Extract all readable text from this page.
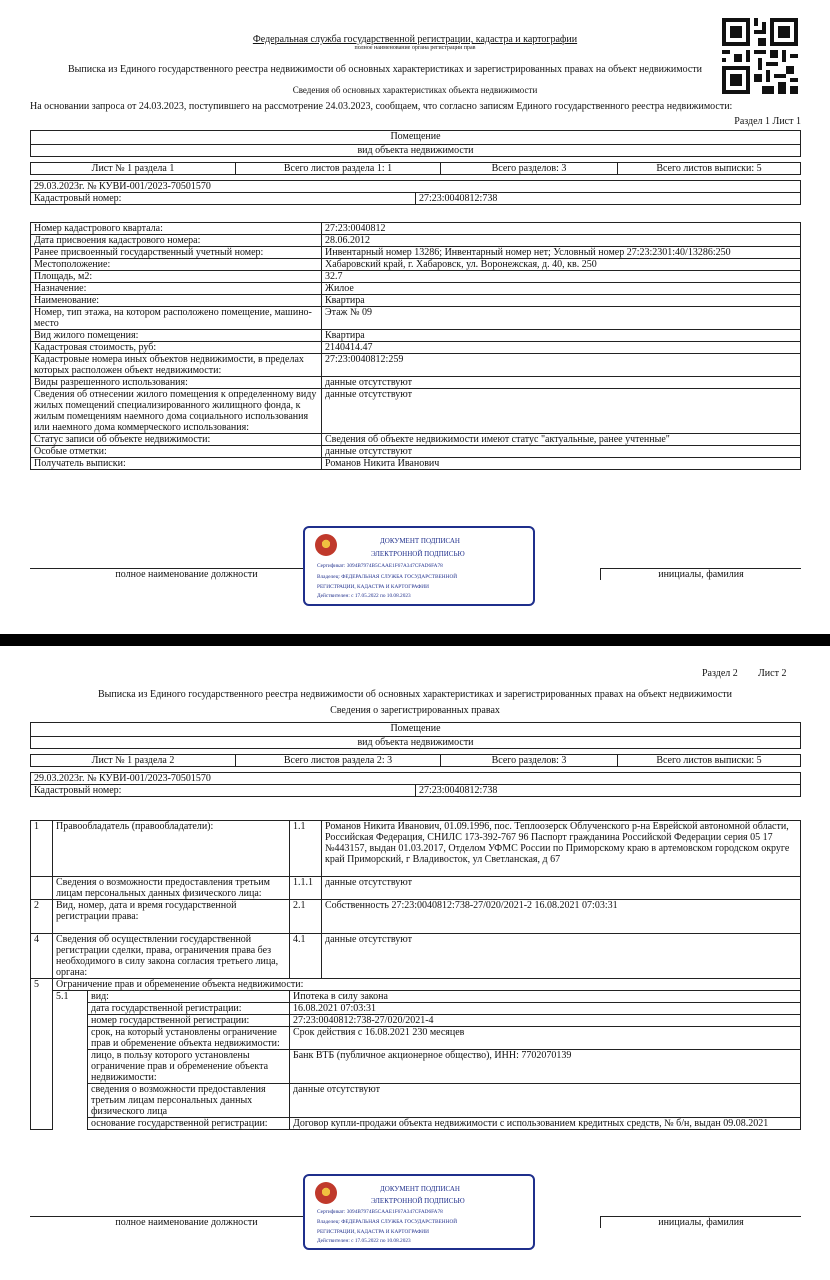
Федеральная служба государственной регистрации, кадастра и картографии
полное наименование органа регистрации прав
Выписка из Единого государственного реестра недвижимости об основных характеристиках и зарегистрированных правах на объект недвижимости
Сведения об основных характеристиках объекта недвижимости
На основании запроса от 24.03.2023, поступившего на рассмотрение 24.03.2023, сообщаем, что согласно записям Единого государственного реестра недвижимости:
Раздел 1 Лист 1
Помещение
вид объекта недвижимости
Лист № 1 раздела 1	Всего листов раздела 1: 1	Всего разделов: 3	Всего листов выписки: 5
29.03.2023г. № КУВИ-001/2023-70501570
Кадастровый номер:	27:23:0040812:738
Номер кадастрового квартала:	27:23:0040812
Дата присвоения кадастрового номера:	28.06.2012
Ранее присвоенный государственный учетный номер:	Инвентарный номер 13286; Инвентарный номер нет; Условный номер 27:23:2301:40/13286:250
Местоположение:	Хабаровский край, г. Хабаровск, ул. Воронежская, д. 40, кв. 250
Площадь, м2:	32.7
Назначение:	Жилое
Наименование:	Квартира
Номер, тип этажа, на котором расположено помещение, машино-место	Этаж № 09
Вид жилого помещения:	Квартира
Кадастровая стоимость, руб:	2140414.47
Кадастровые номера иных объектов недвижимости, в пределах которых расположен объект недвижимости:	27:23:0040812:259
Виды разрешенного использования:	данные отсутствуют
Сведения об отнесении жилого помещения к определенному виду жилых помещений специализированного жилищного фонда, к жилым помещениям наемного дома социального использования или наемного дома коммерческого использования:	данные отсутствуют
Статус записи об объекте недвижимости:	Сведения об объекте недвижимости имеют статус "актуальные, ранее учтенные"
Особые отметки:	данные отсутствуют
Получатель выписки:	Романов Никита Иванович
полное наименование должности		инициалы, фамилия
ДОКУМЕНТ ПОДПИСАН
ЭЛЕКТРОННОЙ ПОДПИСЬЮ
Сертификат: 3094B7974B5CAAE1F67A347CFAD6FA78
Владелец: ФЕДЕРАЛЬНАЯ СЛУЖБА ГОСУДАРСТВЕННОЙ
РЕГИСТРАЦИИ, КАДАСТРА И КАРТОГРАФИИ
Действителен: с 17.05.2022 по 10.08.2023
Раздел 2 Лист 2
Выписка из Единого государственного реестра недвижимости об основных характеристиках и зарегистрированных правах на объект недвижимости
Сведения о зарегистрированных правах
Помещение
вид объекта недвижимости
Лист № 1 раздела 2	Всего листов раздела 2: 3	Всего разделов: 3	Всего листов выписки: 5
29.03.2023г. № КУВИ-001/2023-70501570
Кадастровый номер:	27:23:0040812:738
1	Правообладатель (правообладатели):		1.1	Романов Никита Иванович, 01.09.1996, пос. Теплоозерск Облученского р-на Еврейской автономной области, Российская Федерация, СНИЛС 173-392-767 96 Паспорт гражданина Российской Федерации серия 05 17 №443157, выдан 01.03.2017, Отделом УФМС России по Приморскому краю в артемовском городском округе край Приморский, г Владивосток, ул Светланская, д 67
	Сведения о возможности предоставления третьим лицам персональных данных физического лица:		1.1.1	данные отсутствуют
2	Вид, номер, дата и время государственной регистрации права:		2.1	Собственность 27:23:0040812:738-27/020/2021-2 16.08.2021 07:03:31
4	Сведения об осуществлении государственной регистрации сделки, права, ограничения права без необходимого в силу закона согласия третьего лица, органа:		4.1	данные отсутствуют
5	Ограничение прав и обременение объекта недвижимости:			
	5.1	вид:	Ипотека в силу закона	
		дата государственной регистрации:	16.08.2021 07:03:31	
		номер государственной регистрации:	27:23:0040812:738-27/020/2021-4	
		срок, на который установлены ограничение прав и обременение объекта недвижимости:	Срок действия с 16.08.2021 230 месяцев	
		лицо, в пользу которого установлены ограничение прав и обременение объекта недвижимости:	Банк ВТБ (публичное акционерное общество), ИНН: 7702070139	
		сведения о возможности предоставления третьим лицам персональных данных физического лица	данные отсутствуют	
		основание государственной регистрации:	Договор купли-продажи объекта недвижимости с использованием кредитных средств, № б/н, выдан 09.08.2021	
полное наименование должности		инициалы, фамилия
ДОКУМЕНТ ПОДПИСАН
ЭЛЕКТРОННОЙ ПОДПИСЬЮ
Сертификат: 3094B7974B5CAAE1F67A347CFAD6FA78
Владелец: ФЕДЕРАЛЬНАЯ СЛУЖБА ГОСУДАРСТВЕННОЙ
РЕГИСТРАЦИИ, КАДАСТРА И КАРТОГРАФИИ
Действителен: с 17.05.2022 по 10.08.2023
